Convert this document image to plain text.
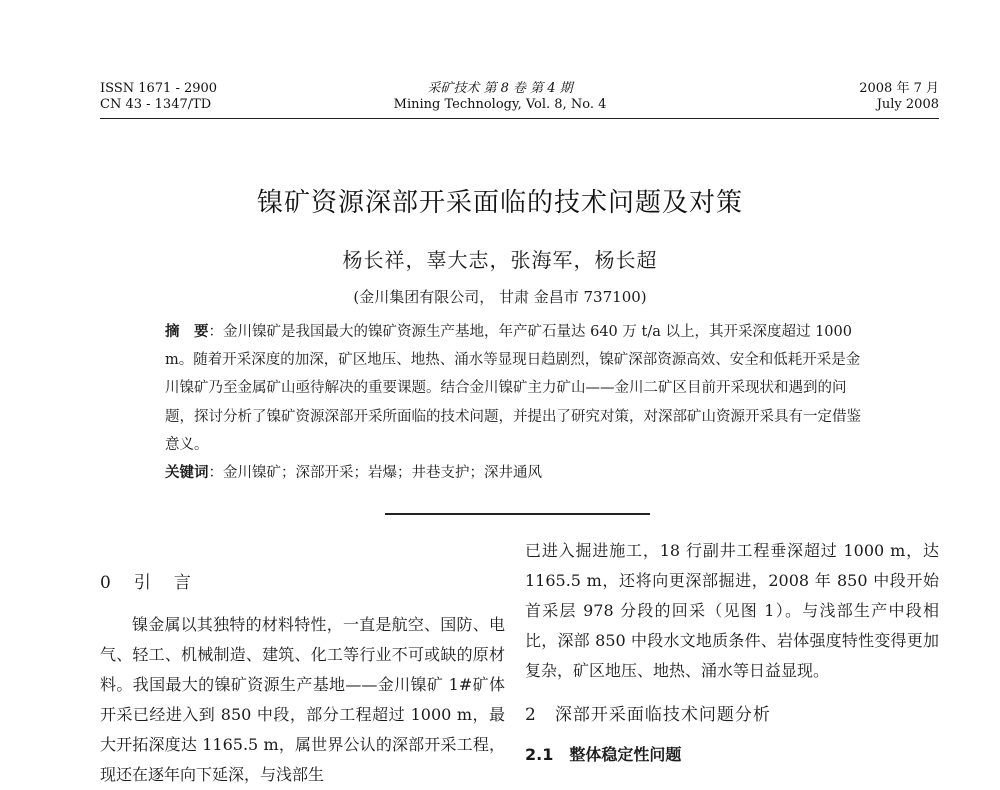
ISSN 1671 - 2900
CN 43 - 1347/TD
采矿技术 第 8 卷 第 4 期
Mining Technology, Vol. 8, No. 4
2008 年 7 月
July 2008
镍矿资源深部开采面临的技术问题及对策
杨长祥，辜大志，张海军，杨长超
(金川集团有限公司， 甘肃 金昌市 737100)
摘　要：金川镍矿是我国最大的镍矿资源生产基地，年产矿石量达 640 万 t/a 以上，其开采深度超过 1000 m。随着开采深度的加深，矿区地压、地热、涌水等显现日趋剧烈，镍矿深部资源高效、安全和低耗开采是金川镍矿乃至金属矿山亟待解决的重要课题。结合金川镍矿主力矿山——金川二矿区目前开采现状和遇到的问题，探讨分析了镍矿资源深部开采所面临的技术问题，并提出了研究对策，对深部矿山资源开采具有一定借鉴意义。
关键词：金川镍矿；深部开采；岩爆；井巷支护；深井通风
0　引　言
镍金属以其独特的材料特性，一直是航空、国防、电气、轻工、机械制造、建筑、化工等行业不可或缺的原材料。我国最大的镍矿资源生产基地——金川镍矿 1#矿体开采已经进入到 850 中段，部分工程超过 1000 m，最大开拓深度达 1165.5 m，属世界公认的深部开采工程，现还在逐年向下延深，与浅部生
已进入掘进施工，18 行副井工程垂深超过 1000 m，达 1165.5 m，还将向更深部掘进，2008 年 850 中段开始首采层 978 分段的回采（见图 1）。与浅部生产中段相比，深部 850 中段水文地质条件、岩体强度特性变得更加复杂，矿区地压、地热、涌水等日益显现。
2　深部开采面临技术问题分析
2.1　整体稳定性问题
